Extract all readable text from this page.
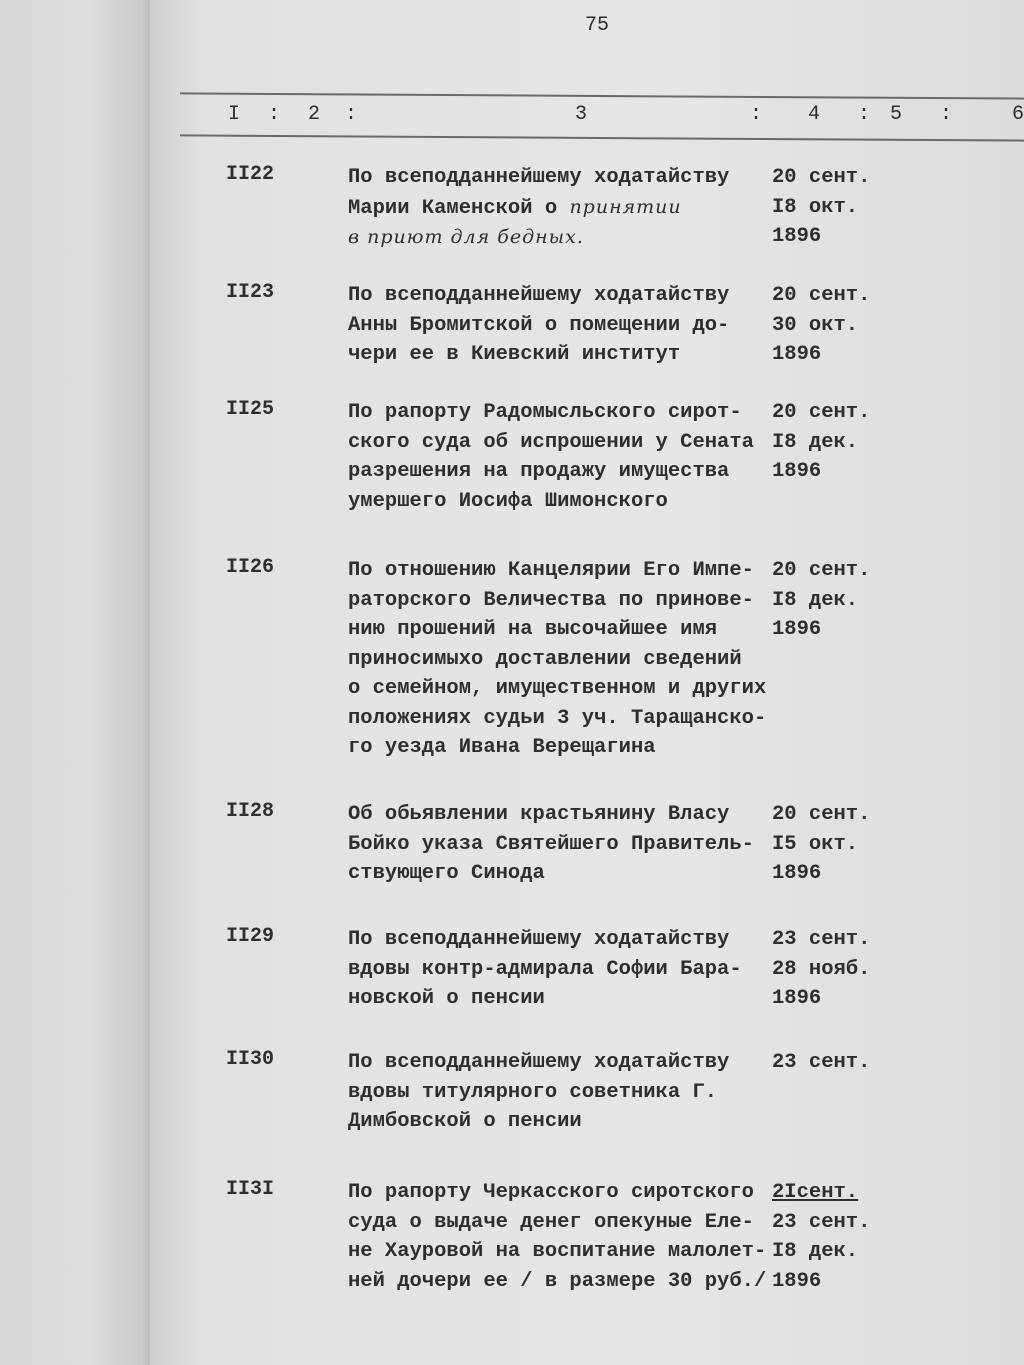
75
I : 2 :	3	: 4 : 5 :	6
II22	По всеподданнейшему ходатайству
Марии Каменской о принятии
в приют для бедных.
20 сент.
I8 окт.
1896
II23	По всеподданнейшему ходатайству
Анны Бромитской о помещении до-
чери ее в Киевский институт
20 сент.
30 окт.
1896
II25	По рапорту Радомысльского сирот-
ского суда об испрошении у Сената
разрешения на продажу имущества
умершего Иосифа Шимонского
20 сент.
I8 дек.
1896
II26	По отношению Канцелярии Его Импе-
раторского Величества по принове-
нию прошений на высочайшее имя
приносимыхо доставлении сведений
о семейном, имущественном и других
положениях судьи 3 уч. Таращанско-
го уезда Ивана Верещагина
20 сент.
I8 дек.
1896
II28	Об обьявлении крастьянину Власу
Бойко указа Святейшего Правитель-
ствующего Синода
20 сент.
I5 окт.
1896
II29	По всеподданнейшему ходатайству
вдовы контр-адмирала Софии Бара-
новской о пенсии
23 сент.
28 нояб.
1896
II30	По всеподданнейшему ходатайству
вдовы титулярного советника Г.
Димбовской о пенсии
23 сент.
II3I	По рапорту Черкасского сиротского
суда о выдаче денег опекуные Еле-
не Хауровой на воспитание малолет-
ней дочери ее / в размере 30 руб./
2Iсент.
23 сент.
I8 дек.
1896
